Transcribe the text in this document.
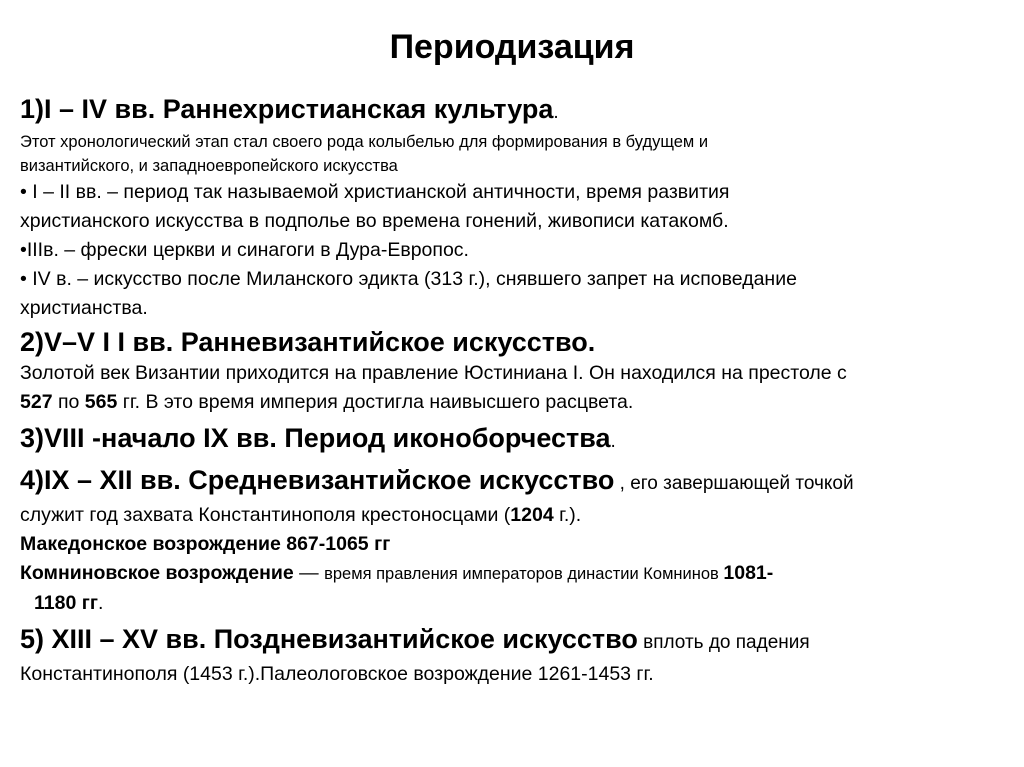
Периодизация
1)I – IV вв. Раннехристианская культура.
Этот хронологический этап стал своего рода колыбелью для формирования в будущем и
византийского, и западноевропейского искусства
• I – II вв. – период так называемой христианской античности, время развития
христианского искусства в подполье во времена гонений, живописи катакомб.
•IIIв. – фрески церкви и синагоги в Дура-Европос.
• IV в. – искусство после Миланского эдикта (313 г.), снявшего запрет на исповедание
христианства.
2)V–V I I вв. Ранневизантийское искусство.
Золотой век Византии приходится на правление Юстиниана I. Он находился на престоле с
527 по 565 гг. В это время империя достигла наивысшего расцвета.
3)VIII -начало IX вв. Период иконоборчества.
4)IX – XII вв. Средневизантийское искусство , его завершающей точкой
служит год захвата Константинополя крестоносцами (1204 г.).
Македонское возрождение 867-1065 гг
Комниновское возрождение — время правления императоров династии Комнинов 1081-
1180 гг.
5) XIII – XV вв. Поздневизантийское искусство вплоть до падения
Константинополя (1453 г.).Палеологовское возрождение 1261-1453 гг.
